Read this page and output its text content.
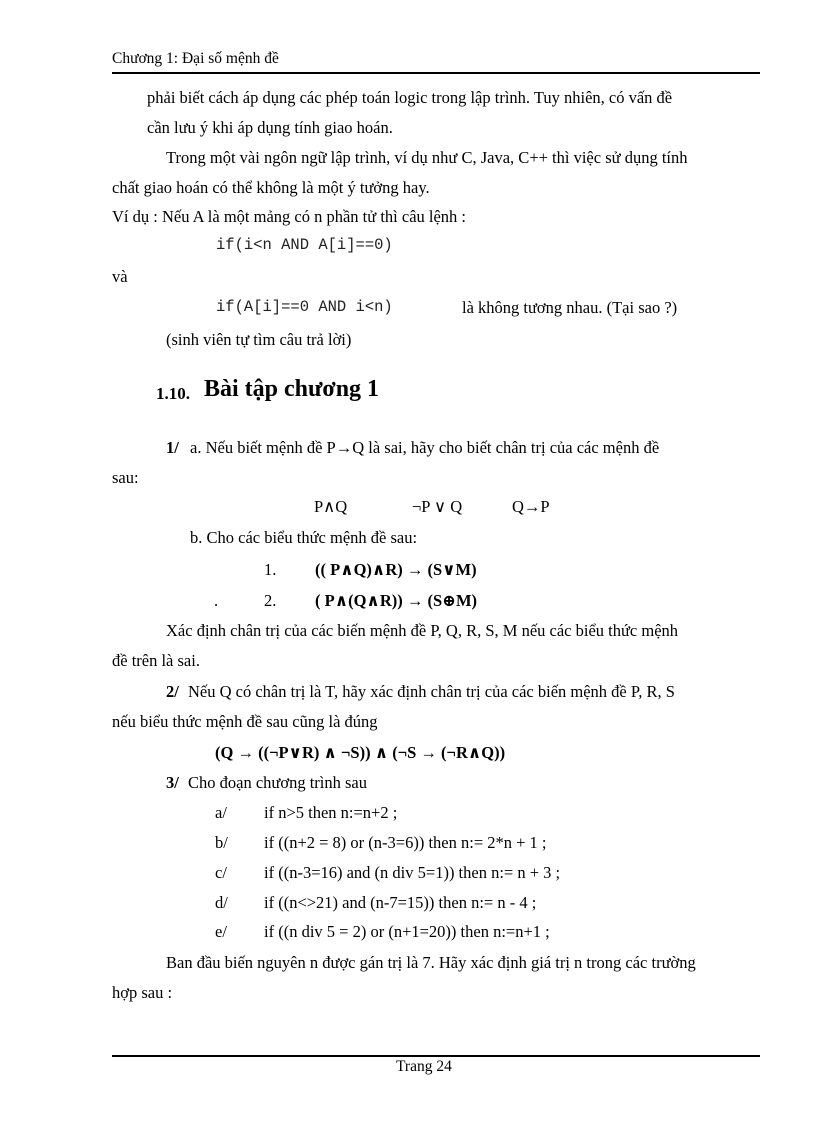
Chương 1: Đại số mệnh đề
phải biết cách áp dụng các phép toán logic trong lập trình. Tuy nhiên, có vấn đề
cần lưu ý khi áp dụng tính giao hoán.
Trong một vài ngôn ngữ lập trình, ví dụ như C, Java, C++ thì việc sử dụng tính
chất giao hoán có thể không là một ý tưởng hay.
Ví dụ : Nếu A là một mảng có n phần tử thì câu lệnh :
if(i<n AND A[i]==0)
và
if(A[i]==0 AND i<n)	là không tương nhau. (Tại sao ?)
(sinh viên tự tìm câu trả lời)
1.10. Bài tập chương 1
1/ a. Nếu biết mệnh đề P→Q là sai, hãy cho biết chân trị của các mệnh đề
sau:
P∧Q	¬P ∨ Q	Q→P
b. Cho các biểu thức mệnh đề sau:
1. (( P∧Q)∧R) → (S∨M)
.	2. ( P∧(Q∧R)) → (S⊕M)
Xác định chân trị của các biến mệnh đề P, Q, R, S, M nếu các biểu thức mệnh
đề trên là sai.
2/ Nếu Q có chân trị là T, hãy xác định chân trị của các biến mệnh đề P, R, S
nếu biểu thức mệnh đề sau cũng là đúng
(Q → ((¬P∨R) ∧ ¬S)) ∧ (¬S → (¬R∧Q))
3/ Cho đoạn chương trình sau
a/ if n>5 then n:=n+2 ;
b/ if ((n+2 = 8) or (n-3=6)) then n:= 2*n + 1 ;
c/ if ((n-3=16) and (n div 5=1)) then n:= n + 3 ;
d/ if ((n<>21) and (n-7=15)) then n:= n - 4 ;
e/ if ((n div 5 = 2) or (n+1=20)) then n:=n+1 ;
Ban đầu biến nguyên n được gán trị là 7. Hãy xác định giá trị n trong các trường
hợp sau :
Trang 24
